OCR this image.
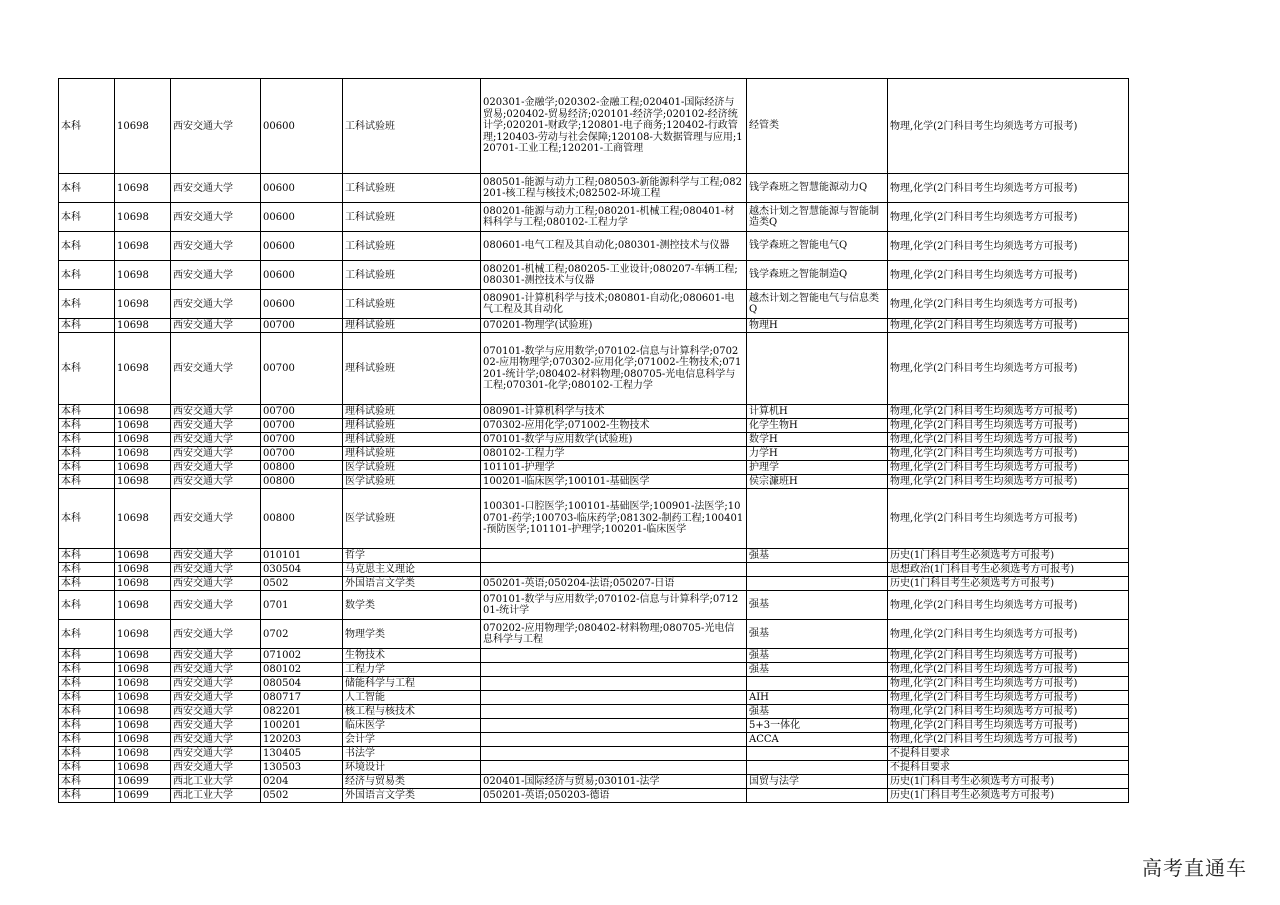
本科	10698	西安交通大学	00600	工科试验班	020301-金融学;020302-金融工程;020401-国际经济与贸易;020402-贸易经济;020101-经济学;020102-经济统计学;020201-财政学;120801-电子商务;120402-行政管理;120403-劳动与社会保障;120108-大数据管理与应用;120701-工业工程;120201-工商管理	经管类	物理,化学(2门科目考生均须选考方可报考)
本科	10698	西安交通大学	00600	工科试验班	080501-能源与动力工程;080503-新能源科学与工程;082201-核工程与核技术;082502-环境工程	钱学森班之智慧能源动力Q	物理,化学(2门科目考生均须选考方可报考)
本科	10698	西安交通大学	00600	工科试验班	080201-能源与动力工程;080201-机械工程;080401-材料科学与工程;080102-工程力学	越杰计划之智慧能源与智能制造类Q	物理,化学(2门科目考生均须选考方可报考)
本科	10698	西安交通大学	00600	工科试验班	080601-电气工程及其自动化;080301-测控技术与仪器	钱学森班之智能电气Q	物理,化学(2门科目考生均须选考方可报考)
本科	10698	西安交通大学	00600	工科试验班	080201-机械工程;080205-工业设计;080207-车辆工程;080301-测控技术与仪器	钱学森班之智能制造Q	物理,化学(2门科目考生均须选考方可报考)
本科	10698	西安交通大学	00600	工科试验班	080901-计算机科学与技术;080801-自动化;080601-电气工程及其自动化	越杰计划之智能电气与信息类Q	物理,化学(2门科目考生均须选考方可报考)
本科	10698	西安交通大学	00700	理科试验班	070201-物理学(试验班)	物理H	物理,化学(2门科目考生均须选考方可报考)
本科	10698	西安交通大学	00700	理科试验班	070101-数学与应用数学;070102-信息与计算科学;070202-应用物理学;070302-应用化学;071002-生物技术;071201-统计学;080402-材料物理;080705-光电信息科学与工程;070301-化学;080102-工程力学		物理,化学(2门科目考生均须选考方可报考)
本科	10698	西安交通大学	00700	理科试验班	080901-计算机科学与技术	计算机H	物理,化学(2门科目考生均须选考方可报考)
本科	10698	西安交通大学	00700	理科试验班	070302-应用化学;071002-生物技术	化学生物H	物理,化学(2门科目考生均须选考方可报考)
本科	10698	西安交通大学	00700	理科试验班	070101-数学与应用数学(试验班)	数学H	物理,化学(2门科目考生均须选考方可报考)
本科	10698	西安交通大学	00700	理科试验班	080102-工程力学	力学H	物理,化学(2门科目考生均须选考方可报考)
本科	10698	西安交通大学	00800	医学试验班	101101-护理学	护理学	物理,化学(2门科目考生均须选考方可报考)
本科	10698	西安交通大学	00800	医学试验班	100201-临床医学;100101-基础医学	侯宗濂班H	物理,化学(2门科目考生均须选考方可报考)
本科	10698	西安交通大学	00800	医学试验班	100301-口腔医学;100101-基础医学;100901-法医学;100701-药学;100703-临床药学;081302-制药工程;100401-预防医学;101101-护理学;100201-临床医学		物理,化学(2门科目考生均须选考方可报考)
本科	10698	西安交通大学	010101	哲学		强基	历史(1门科目考生必须选考方可报考)
本科	10698	西安交通大学	030504	马克思主义理论			思想政治(1门科目考生必须选考方可报考)
本科	10698	西安交通大学	0502	外国语言文学类	050201-英语;050204-法语;050207-日语		历史(1门科目考生必须选考方可报考)
本科	10698	西安交通大学	0701	数学类	070101-数学与应用数学;070102-信息与计算科学;071201-统计学	强基	物理,化学(2门科目考生均须选考方可报考)
本科	10698	西安交通大学	0702	物理学类	070202-应用物理学;080402-材料物理;080705-光电信息科学与工程	强基	物理,化学(2门科目考生均须选考方可报考)
本科	10698	西安交通大学	071002	生物技术		强基	物理,化学(2门科目考生均须选考方可报考)
本科	10698	西安交通大学	080102	工程力学		强基	物理,化学(2门科目考生均须选考方可报考)
本科	10698	西安交通大学	080504	储能科学与工程			物理,化学(2门科目考生均须选考方可报考)
本科	10698	西安交通大学	080717	人工智能		AIH	物理,化学(2门科目考生均须选考方可报考)
本科	10698	西安交通大学	082201	核工程与核技术		强基	物理,化学(2门科目考生均须选考方可报考)
本科	10698	西安交通大学	100201	临床医学		5+3一体化	物理,化学(2门科目考生均须选考方可报考)
本科	10698	西安交通大学	120203	会计学		ACCA	物理,化学(2门科目考生均须选考方可报考)
本科	10698	西安交通大学	130405	书法学			不提科目要求
本科	10698	西安交通大学	130503	环境设计			不提科目要求
本科	10699	西北工业大学	0204	经济与贸易类	020401-国际经济与贸易;030101-法学	国贸与法学	历史(1门科目考生必须选考方可报考)
本科	10699	西北工业大学	0502	外国语言文学类	050201-英语;050203-德语		历史(1门科目考生必须选考方可报考)
高考直通车
